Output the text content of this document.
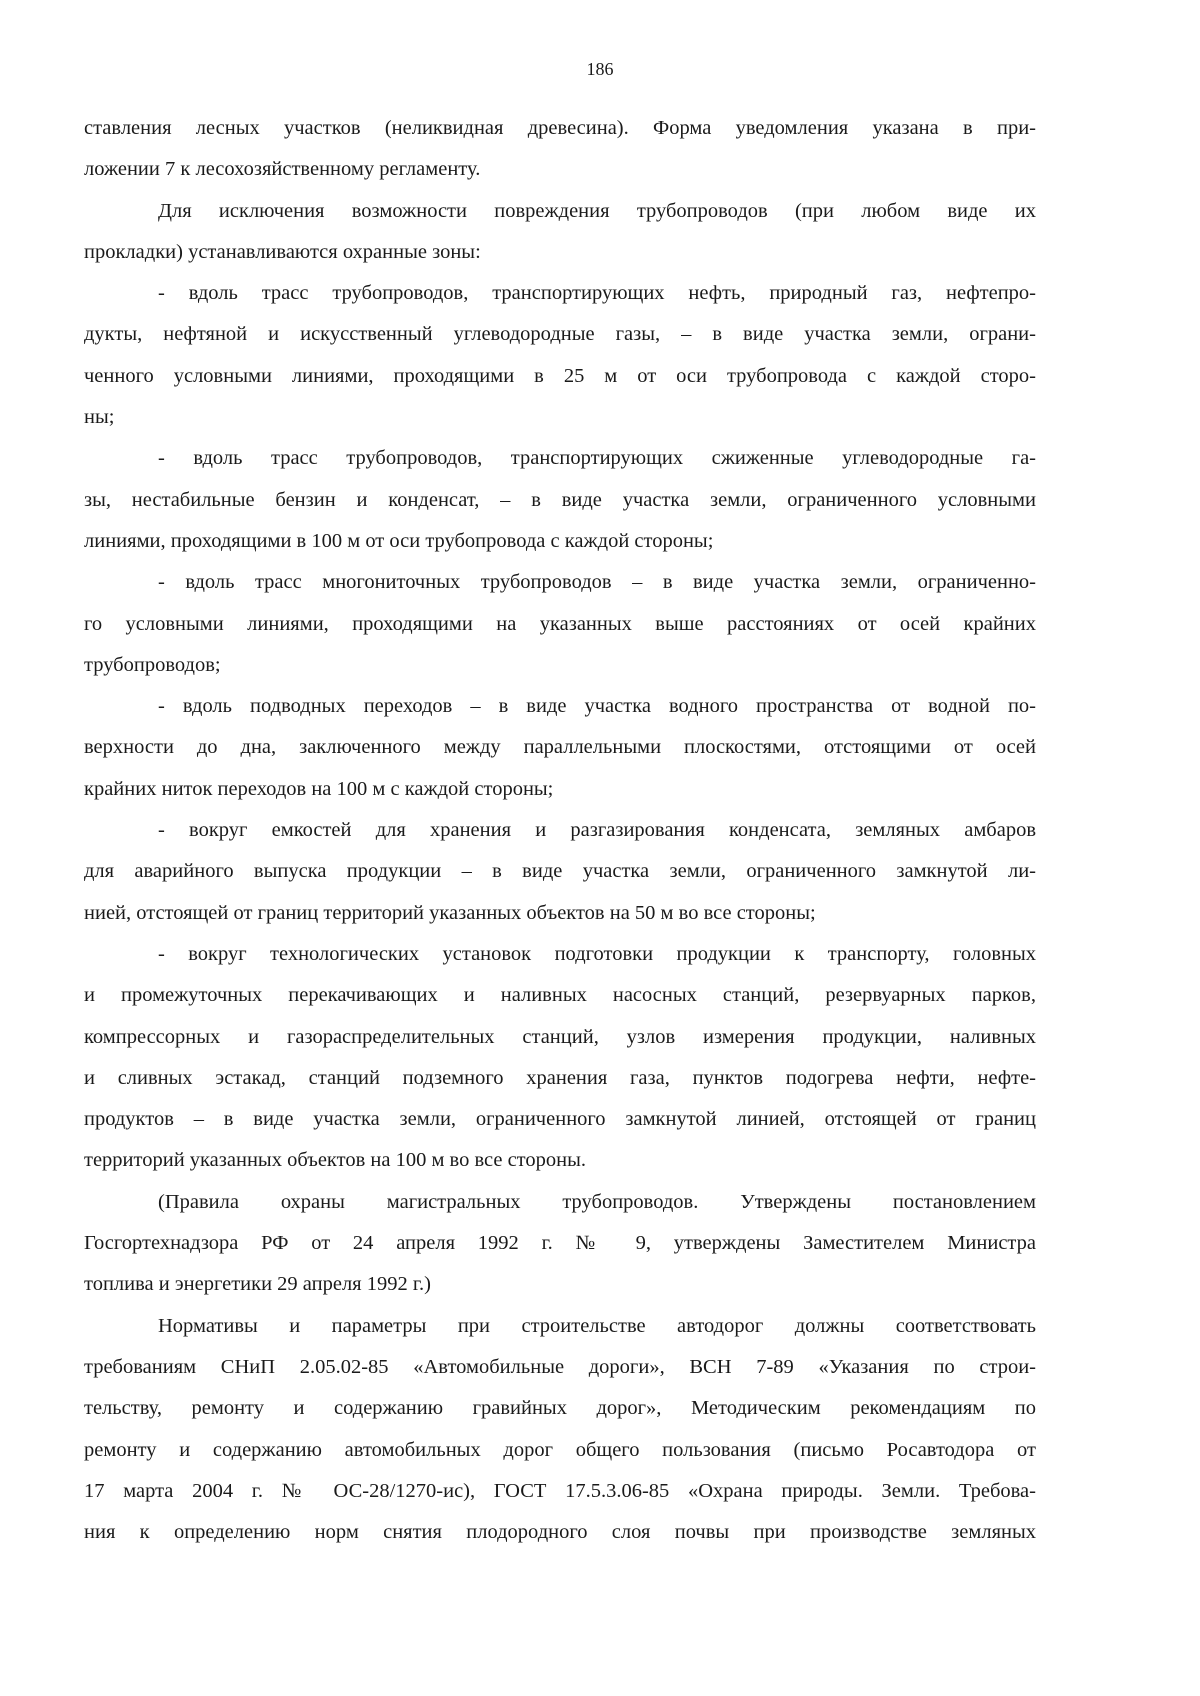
186
ставления лесных участков (неликвидная древесина). Форма уведомления указана в при-
ложении 7 к лесохозяйственному регламенту.
Для исключения возможности повреждения трубопроводов (при любом виде их
прокладки) устанавливаются охранные зоны:
- вдоль трасс трубопроводов, транспортирующих нефть, природный газ, нефтепро-
дукты, нефтяной и искусственный углеводородные газы, – в виде участка земли, ограни-
ченного условными линиями, проходящими в 25 м от оси трубопровода с каждой сторо-
ны;
- вдоль трасс трубопроводов, транспортирующих сжиженные углеводородные га-
зы, нестабильные бензин и конденсат, – в виде участка земли, ограниченного условными
линиями, проходящими в 100 м от оси трубопровода с каждой стороны;
- вдоль трасс многониточных трубопроводов – в виде участка земли, ограниченно-
го условными линиями, проходящими на указанных выше расстояниях от осей крайних
трубопроводов;
- вдоль подводных переходов – в виде участка водного пространства от водной по-
верхности до дна, заключенного между параллельными плоскостями, отстоящими от осей
крайних ниток переходов на 100 м с каждой стороны;
- вокруг емкостей для хранения и разгазирования конденсата, земляных амбаров
для аварийного выпуска продукции – в виде участка земли, ограниченного замкнутой ли-
нией, отстоящей от границ территорий указанных объектов на 50 м во все стороны;
- вокруг технологических установок подготовки продукции к транспорту, головных
и промежуточных перекачивающих и наливных насосных станций, резервуарных парков,
компрессорных и газораспределительных станций, узлов измерения продукции, наливных
и сливных эстакад, станций подземного хранения газа, пунктов подогрева нефти, нефте-
продуктов – в виде участка земли, ограниченного замкнутой линией, отстоящей от границ
территорий указанных объектов на 100 м во все стороны.
(Правила охраны магистральных трубопроводов. Утверждены постановлением
Госгортехнадзора РФ от 24 апреля 1992 г. № 9, утверждены Заместителем Министра
топлива и энергетики 29 апреля 1992 г.)
Нормативы и параметры при строительстве автодорог должны соответствовать
требованиям СНиП 2.05.02-85 «Автомобильные дороги», ВСН 7-89 «Указания по строи-
тельству, ремонту и содержанию гравийных дорог», Методическим рекомендациям по
ремонту и содержанию автомобильных дорог общего пользования (письмо Росавтодора от
17 марта 2004 г. № ОС-28/1270-ис), ГОСТ 17.5.3.06-85 «Охрана природы. Земли. Требова-
ния к определению норм снятия плодородного слоя почвы при производстве земляных
